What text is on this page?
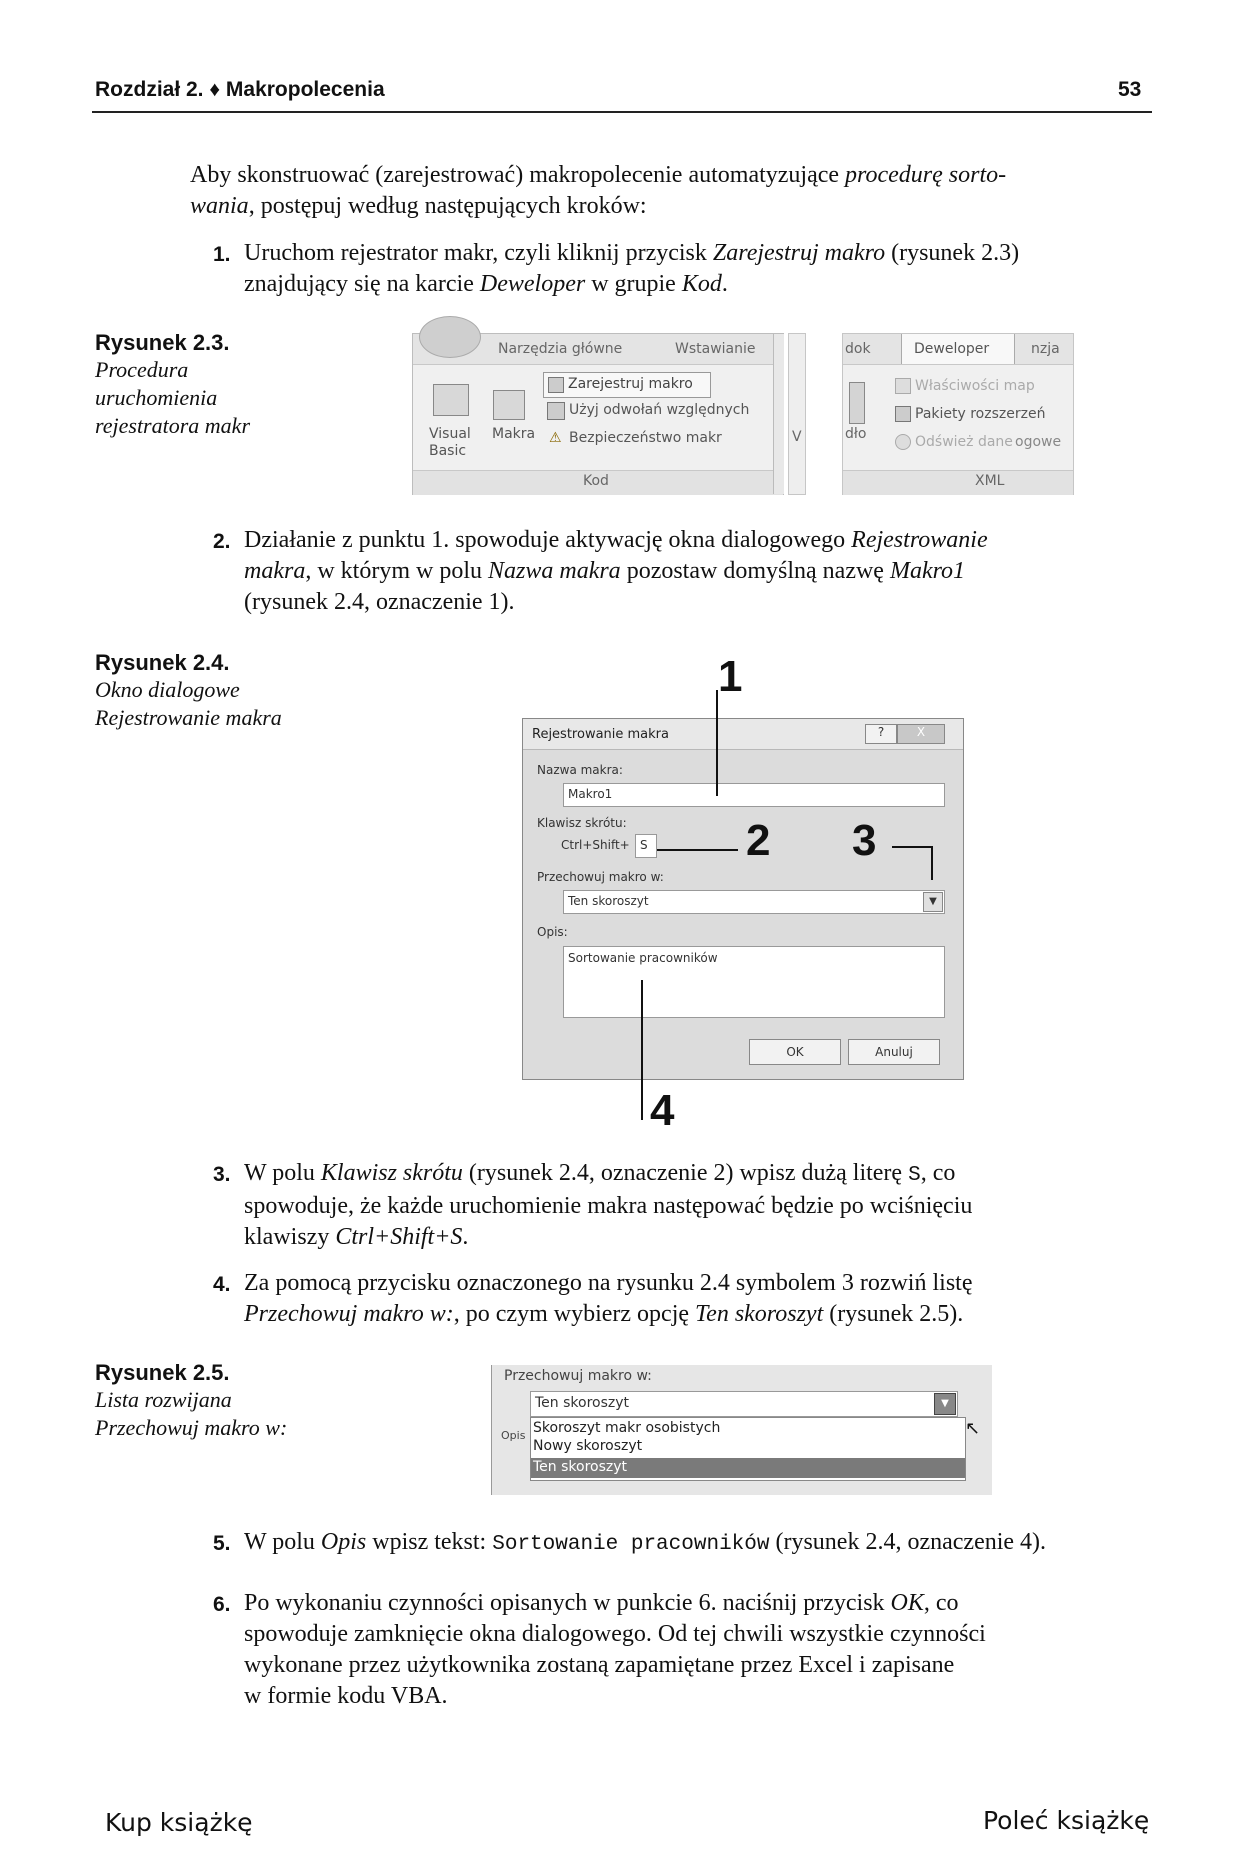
Rozdział 2. ♦ Makropolecenia	53
Aby skonstruować (zarejestrować) makropolecenie automatyzujące procedurę sorto-
wania, postępuj według następujących kroków:
1. Uruchom rejestrator makr, czyli kliknij przycisk Zarejestruj makro (rysunek 2.3)
znajdujący się na karcie Deweloper w grupie Kod.
Rysunek 2.3.
Procedura
uruchomienia
rejestratora makr
Narzędzia główne	Wstawianie
Visual
Basic
Makra
Zarejestruj makro
Użyj odwołań względnych
⚠ Bezpieczeństwo makr
Kod
V
dok	Deweloper	nzja
dło
Właściwości map
Pakiety rozszerzeń
Odśwież dane ogowe
XML
2. Działanie z punktu 1. spowoduje aktywację okna dialogowego Rejestrowanie
makra, w którym w polu Nazwa makra pozostaw domyślną nazwę Makro1
(rysunek 2.4, oznaczenie 1).
Rysunek 2.4.
Okno dialogowe
Rejestrowanie makra
Rejestrowanie makra	?	X
Nazwa makra:
Makro1
Klawisz skrótu:
Ctrl+Shift+ S
Przechowuj makro w:
Ten skoroszyt	▼
Opis:
Sortowanie pracowników
OK	Anuluj
1
2 3
4
3. W polu Klawisz skrótu (rysunek 2.4, oznaczenie 2) wpisz dużą literę S, co
spowoduje, że każde uruchomienie makra następować będzie po wciśnięciu
klawiszy Ctrl+Shift+S.
4. Za pomocą przycisku oznaczonego na rysunku 2.4 symbolem 3 rozwiń listę
Przechowuj makro w:, po czym wybierz opcję Ten skoroszyt (rysunek 2.5).
Rysunek 2.5.
Lista rozwijana
Przechowuj makro w:
Przechowuj makro w:
Ten skoroszyt	▼
Opis Skoroszyt makr osobistych
Nowy skoroszyt
Ten skoroszyt
↖
5. W polu Opis wpisz tekst: Sortowanie pracowników (rysunek 2.4, oznaczenie 4).
6. Po wykonaniu czynności opisanych w punkcie 6. naciśnij przycisk OK, co
spowoduje zamknięcie okna dialogowego. Od tej chwili wszystkie czynności
wykonane przez użytkownika zostaną zapamiętane przez Excel i zapisane
w formie kodu VBA.
Kup książkę	Poleć książkę
